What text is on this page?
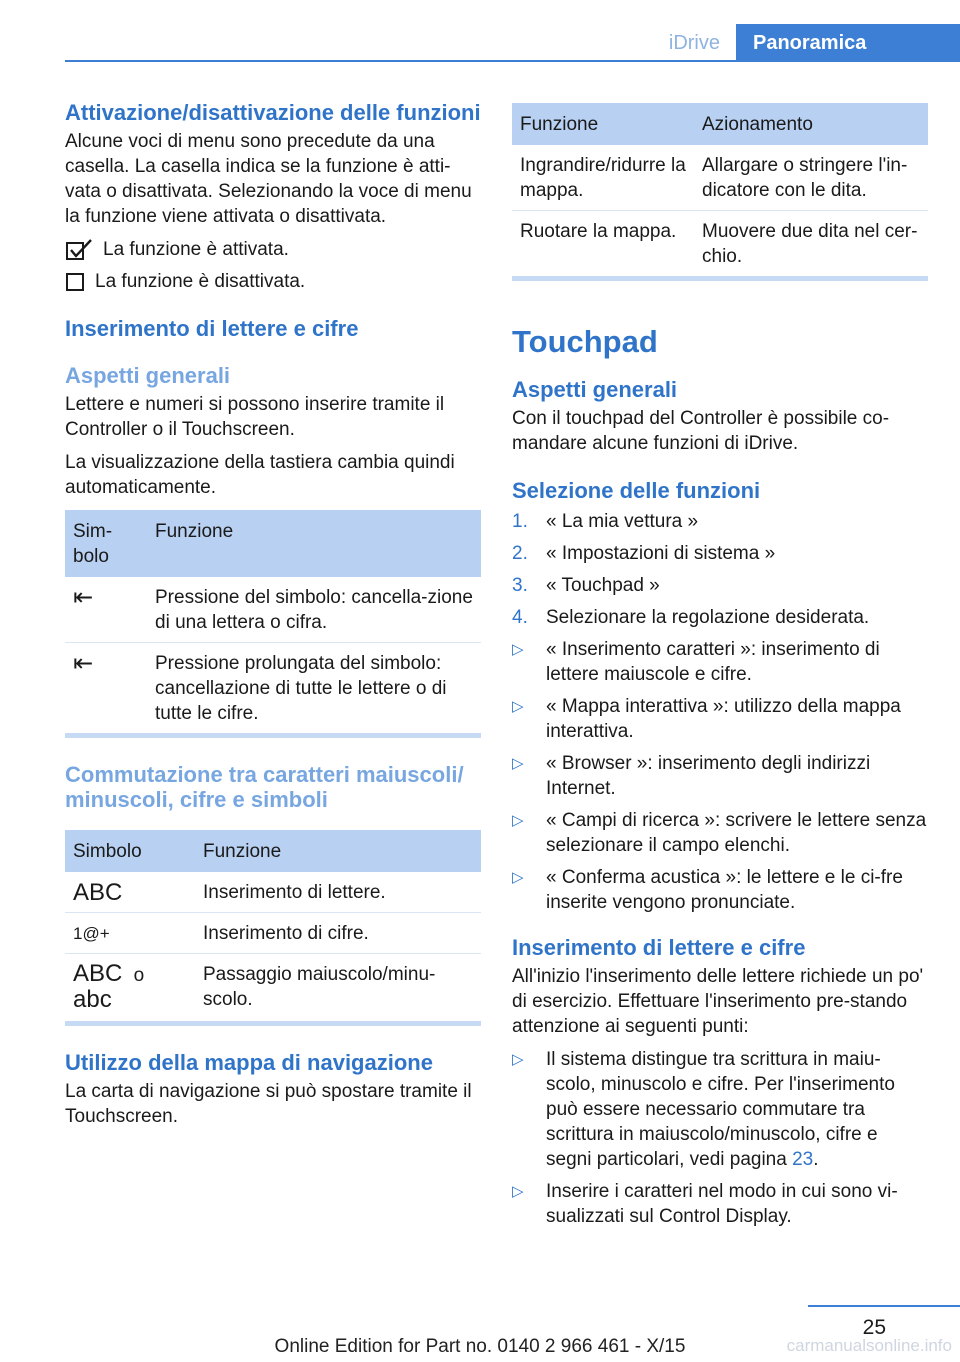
iDrive	Panoramica
Attivazione/disattivazione delle funzioni

Alcune voci di menu sono precedute da una casella. La casella indica se la funzione è atti-vata o disattivata. Selezionando la voce di menu la funzione viene attivata o disattivata.

La funzione è attivata.
La funzione è disattivata.
Inserimento di lettere e cifre
Aspetti generali

Lettere e numeri si possono inserire tramite il Controller o il Touchscreen.

La visualizzazione della tastiera cambia quindi automaticamente.

Sim-bolo	Funzione
⇤	Pressione del simbolo: cancella-zione di una lettera o cifra.
⇤	Pressione prolungata del simbolo: cancellazione di tutte le lettere o di tutte le cifre.
Commutazione tra caratteri maiuscoli/ minuscoli, cifre e simboli
Simbolo	Funzione
ABC	Inserimento di lettere.
1@+	Inserimento di cifre.
ABC o
abc	Passaggio maiuscolo/minu-scolo.
Utilizzo della mappa di navigazione

La carta di navigazione si può spostare tramite il Touchscreen.

Funzione	Azionamento
Ingrandire/ridurre la mappa.	Allargare o stringere l'in-dicatore con le dita.
Ruotare la mappa.	Muovere due dita nel cer-chio.
Touchpad
Aspetti generali

Con il touchpad del Controller è possibile co-mandare alcune funzioni di iDrive.

Selezione delle funzioni
1. « La mia vettura »
2. « Impostazioni di sistema »
3. « Touchpad »
4. Selezionare la regolazione desiderata.
▷	« Inserimento caratteri »: inserimento di lettere maiuscole e cifre.
▷	« Mappa interattiva »: utilizzo della mappa interattiva.
▷	« Browser »: inserimento degli indirizzi Internet.
▷	« Campi di ricerca »: scrivere le lettere senza selezionare il campo elenchi.
▷	« Conferma acustica »: le lettere e le ci-fre inserite vengono pronunciate.
Inserimento di lettere e cifre

All'inizio l'inserimento delle lettere richiede un po' di esercizio. Effettuare l'inserimento pre-stando attenzione ai seguenti punti:

▷	Il sistema distingue tra scrittura in maiu-scolo, minuscolo e cifre. Per l'inserimento può essere necessario commutare tra scrittura in maiuscolo/minuscolo, cifre e segni particolari, vedi pagina 23.
▷	Inserire i caratteri nel modo in cui sono vi-sualizzati sul Control Display.
25
Online Edition for Part no. 0140 2 966 461 - X/15	carmanualsonline.info
